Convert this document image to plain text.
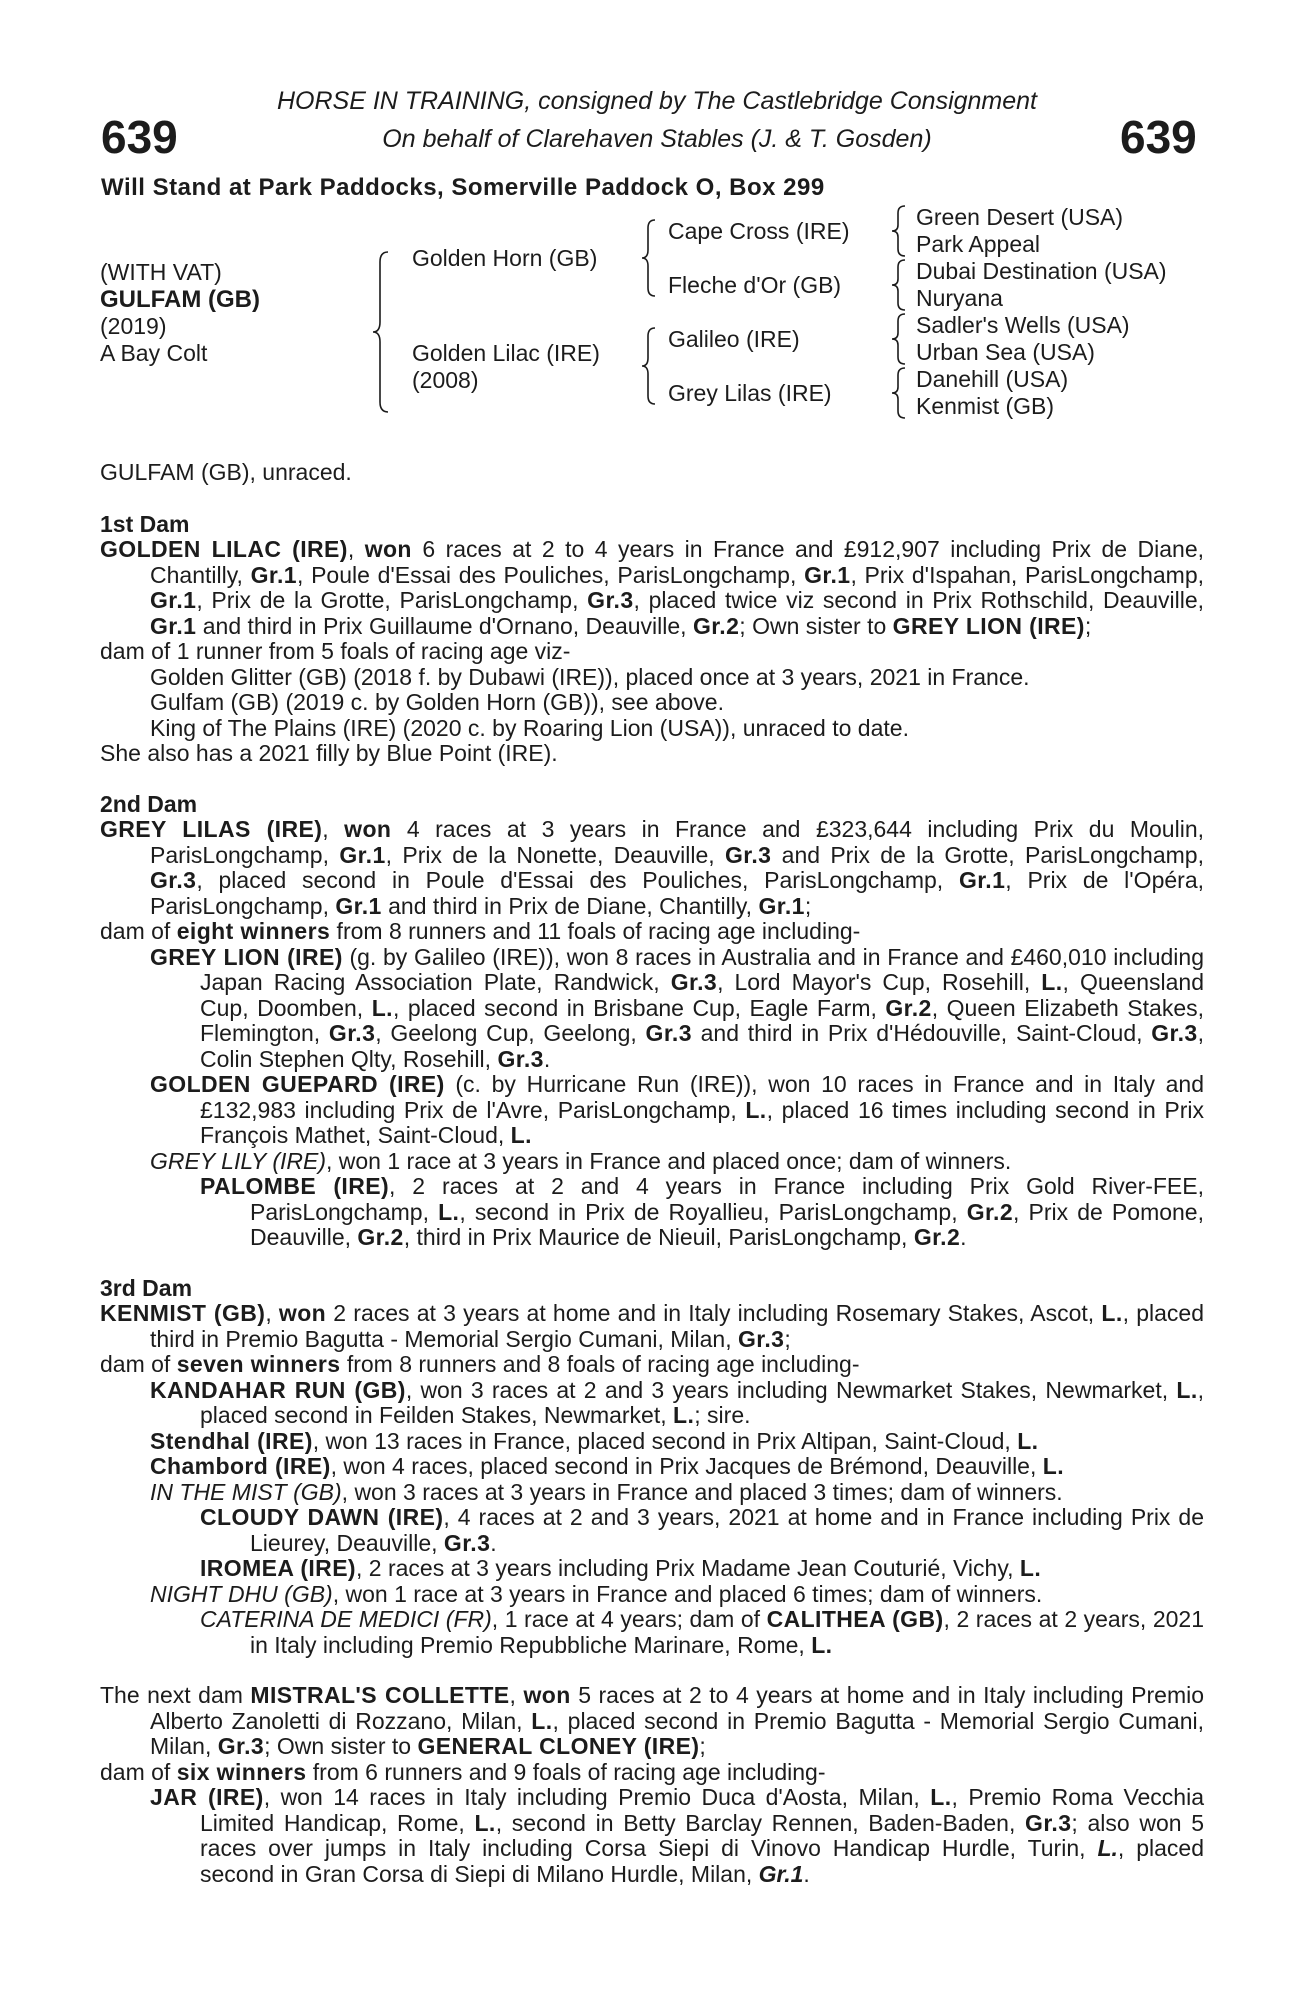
639	639
HORSE IN TRAINING, consigned by The Castlebridge Consignment
On behalf of Clarehaven Stables (J. & T. Gosden)
Will Stand at Park Paddocks, Somerville Paddock O, Box 299
(WITH VAT)
GULFAM (GB)
(2019)
A Bay Colt
Golden Horn (GB)
Golden Lilac (IRE)
(2008)
Cape Cross (IRE)
Fleche d'Or (GB)
Galileo (IRE)
Grey Lilas (IRE)
Green Desert (USA)
Park Appeal
Dubai Destination (USA)
Nuryana
Sadler's Wells (USA)
Urban Sea (USA)
Danehill (USA)
Kenmist (GB)

GULFAM (GB), unraced.

1st Dam

GOLDEN LILAC (IRE), won 6 races at 2 to 4 years in France and £912,907 including Prix de Diane, Chantilly, Gr.1, Poule d'Essai des Pouliches, ParisLongchamp, Gr.1, Prix d'Ispahan, ParisLongchamp, Gr.1, Prix de la Grotte, ParisLongchamp, Gr.3, placed twice viz second in Prix Rothschild, Deauville, Gr.1 and third in Prix Guillaume d'Ornano, Deauville, Gr.2; Own sister to GREY LION (IRE);

dam of 1 runner from 5 foals of racing age viz-

Golden Glitter (GB) (2018 f. by Dubawi (IRE)), placed once at 3 years, 2021 in France.

Gulfam (GB) (2019 c. by Golden Horn (GB)), see above.

King of The Plains (IRE) (2020 c. by Roaring Lion (USA)), unraced to date.

She also has a 2021 filly by Blue Point (IRE).

2nd Dam

GREY LILAS (IRE), won 4 races at 3 years in France and £323,644 including Prix du Moulin, ParisLongchamp, Gr.1, Prix de la Nonette, Deauville, Gr.3 and Prix de la Grotte, ParisLongchamp, Gr.3, placed second in Poule d'Essai des Pouliches, ParisLongchamp, Gr.1, Prix de l'Opéra, ParisLongchamp, Gr.1 and third in Prix de Diane, Chantilly, Gr.1;

dam of eight winners from 8 runners and 11 foals of racing age including-

GREY LION (IRE) (g. by Galileo (IRE)), won 8 races in Australia and in France and £460,010 including Japan Racing Association Plate, Randwick, Gr.3, Lord Mayor's Cup, Rosehill, L., Queensland Cup, Doomben, L., placed second in Brisbane Cup, Eagle Farm, Gr.2, Queen Elizabeth Stakes, Flemington, Gr.3, Geelong Cup, Geelong, Gr.3 and third in Prix d'Hédouville, Saint-Cloud, Gr.3, Colin Stephen Qlty, Rosehill, Gr.3.

GOLDEN GUEPARD (IRE) (c. by Hurricane Run (IRE)), won 10 races in France and in Italy and £132,983 including Prix de l'Avre, ParisLongchamp, L., placed 16 times including second in Prix François Mathet, Saint-Cloud, L.

GREY LILY (IRE), won 1 race at 3 years in France and placed once; dam of winners.

PALOMBE (IRE), 2 races at 2 and 4 years in France including Prix Gold River-FEE, ParisLongchamp, L., second in Prix de Royallieu, ParisLongchamp, Gr.2, Prix de Pomone, Deauville, Gr.2, third in Prix Maurice de Nieuil, ParisLongchamp, Gr.2.

3rd Dam

KENMIST (GB), won 2 races at 3 years at home and in Italy including Rosemary Stakes, Ascot, L., placed third in Premio Bagutta - Memorial Sergio Cumani, Milan, Gr.3;

dam of seven winners from 8 runners and 8 foals of racing age including-

KANDAHAR RUN (GB), won 3 races at 2 and 3 years including Newmarket Stakes, Newmarket, L., placed second in Feilden Stakes, Newmarket, L.; sire.

Stendhal (IRE), won 13 races in France, placed second in Prix Altipan, Saint-Cloud, L.

Chambord (IRE), won 4 races, placed second in Prix Jacques de Brémond, Deauville, L.

IN THE MIST (GB), won 3 races at 3 years in France and placed 3 times; dam of winners.

CLOUDY DAWN (IRE), 4 races at 2 and 3 years, 2021 at home and in France including Prix de Lieurey, Deauville, Gr.3.

IROMEA (IRE), 2 races at 3 years including Prix Madame Jean Couturié, Vichy, L.

NIGHT DHU (GB), won 1 race at 3 years in France and placed 6 times; dam of winners.

CATERINA DE MEDICI (FR), 1 race at 4 years; dam of CALITHEA (GB), 2 races at 2 years, 2021 in Italy including Premio Repubbliche Marinare, Rome, L.

The next dam MISTRAL'S COLLETTE, won 5 races at 2 to 4 years at home and in Italy including Premio Alberto Zanoletti di Rozzano, Milan, L., placed second in Premio Bagutta - Memorial Sergio Cumani, Milan, Gr.3; Own sister to GENERAL CLONEY (IRE);

dam of six winners from 6 runners and 9 foals of racing age including-

JAR (IRE), won 14 races in Italy including Premio Duca d'Aosta, Milan, L., Premio Roma Vecchia Limited Handicap, Rome, L., second in Betty Barclay Rennen, Baden-Baden, Gr.3; also won 5 races over jumps in Italy including Corsa Siepi di Vinovo Handicap Hurdle, Turin, L., placed second in Gran Corsa di Siepi di Milano Hurdle, Milan, Gr.1.
